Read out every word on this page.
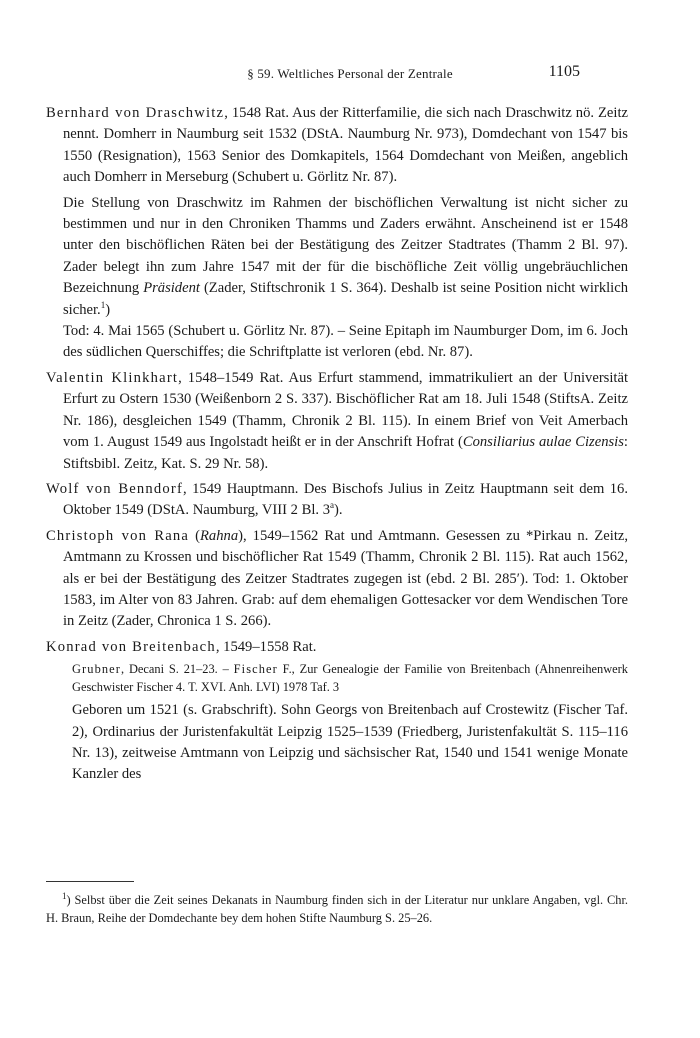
§ 59. Weltliches Personal der Zentrale	1105

Bernhard von Draschwitz, 1548 Rat. Aus der Ritterfamilie, die sich nach Draschwitz nö. Zeitz nennt. Domherr in Naumburg seit 1532 (DStA. Naumburg Nr. 973), Domdechant von 1547 bis 1550 (Resignation), 1563 Senior des Domkapitels, 1564 Domdechant von Meißen, angeblich auch Domherr in Merseburg (Schubert u. Görlitz Nr. 87).

Die Stellung von Draschwitz im Rahmen der bischöflichen Verwaltung ist nicht sicher zu bestimmen und nur in den Chroniken Thamms und Zaders erwähnt. Anscheinend ist er 1548 unter den bischöflichen Räten bei der Bestätigung des Zeitzer Stadtrates (Thamm 2 Bl. 97). Zader belegt ihn zum Jahre 1547 mit der für die bischöfliche Zeit völlig ungebräuchlichen Bezeichnung Präsident (Zader, Stiftschronik 1 S. 364). Deshalb ist seine Position nicht wirklich sicher.$^1$)

Tod: 4. Mai 1565 (Schubert u. Görlitz Nr. 87). – Seine Epitaph im Naumburger Dom, im 6. Joch des südlichen Querschiffes; die Schriftplatte ist verloren (ebd. Nr. 87).

Valentin Klinkhart, 1548–1549 Rat. Aus Erfurt stammend, immatrikuliert an der Universität Erfurt zu Ostern 1530 (Weißenborn 2 S. 337). Bischöflicher Rat am 18. Juli 1548 (StiftsA. Zeitz Nr. 186), desgleichen 1549 (Thamm, Chronik 2 Bl. 115). In einem Brief von Veit Amerbach vom 1. August 1549 aus Ingolstadt heißt er in der Anschrift Hofrat (Consiliarius aulae Cizensis: Stiftsbibl. Zeitz, Kat. S. 29 Nr. 58).

Wolf von Benndorf, 1549 Hauptmann. Des Bischofs Julius in Zeitz Hauptmann seit dem 16. Oktober 1549 (DStA. Naumburg, VIII 2 Bl. 3$^a$).

Christoph von Rana (Rahna), 1549–1562 Rat und Amtmann. Gesessen zu *Pirkau n. Zeitz, Amtmann zu Krossen und bischöflicher Rat 1549 (Thamm, Chronik 2 Bl. 115). Rat auch 1562, als er bei der Bestätigung des Zeitzer Stadtrates zugegen ist (ebd. 2 Bl. 285′). Tod: 1. Oktober 1583, im Alter von 83 Jahren. Grab: auf dem ehemaligen Gottesacker vor dem Wendischen Tore in Zeitz (Zader, Chronica 1 S. 266).

Konrad von Breitenbach, 1549–1558 Rat.

Grubner, Decani S. 21–23. – Fischer F., Zur Genealogie der Familie von Breitenbach (Ahnenreihenwerk Geschwister Fischer 4. T. XVI. Anh. LVI) 1978 Taf. 3

Geboren um 1521 (s. Grabschrift). Sohn Georgs von Breitenbach auf Crostewitz (Fischer Taf. 2), Ordinarius der Juristenfakultät Leipzig 1525–1539 (Friedberg, Juristenfakultät S. 115–116 Nr. 13), zeitweise Amtmann von Leipzig und sächsischer Rat, 1540 und 1541 wenige Monate Kanzler des

$^1$) Selbst über die Zeit seines Dekanats in Naumburg finden sich in der Literatur nur unklare Angaben, vgl. Chr. H. Braun, Reihe der Domdechante bey dem hohen Stifte Naumburg S. 25–26.
